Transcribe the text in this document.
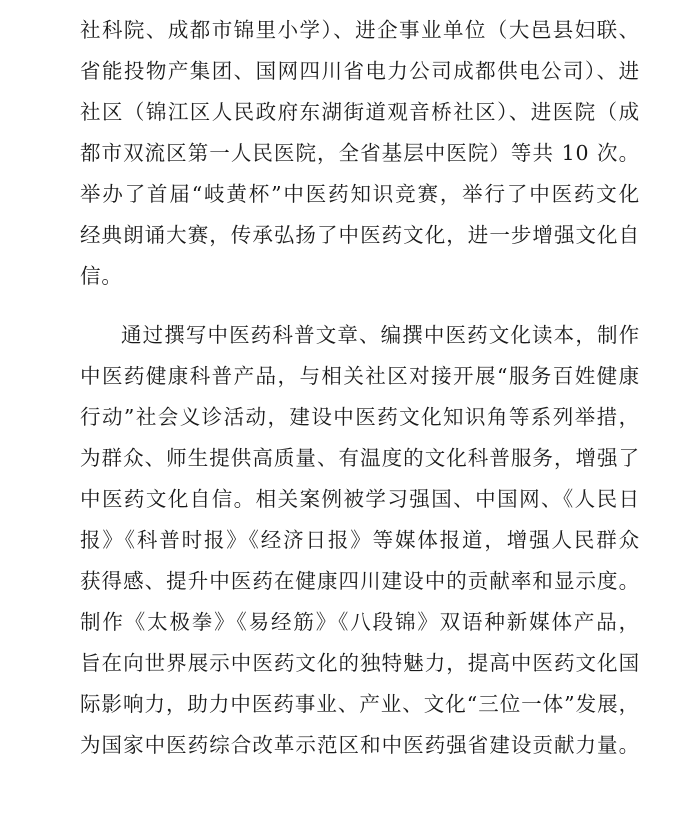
社科院、成都市锦里小学）、进企事业单位（大邑县妇联、
省能投物产集团、国网四川省电力公司成都供电公司）、进
社区（锦江区人民政府东湖街道观音桥社区）、进医院（成
都市双流区第一人民医院，全省基层中医院）等共 10 次。
举办了首届“岐黄杯”中医药知识竞赛，举行了中医药文化
经典朗诵大赛，传承弘扬了中医药文化，进一步增强文化自
信。
通过撰写中医药科普文章、编撰中医药文化读本，制作
中医药健康科普产品，与相关社区对接开展“服务百姓健康
行动”社会义诊活动，建设中医药文化知识角等系列举措，
为群众、师生提供高质量、有温度的文化科普服务，增强了
中医药文化自信。相关案例被学习强国、中国网、《人民日
报》《科普时报》《经济日报》等媒体报道，增强人民群众
获得感、提升中医药在健康四川建设中的贡献率和显示度。
制作《太极拳》《易经筋》《八段锦》双语种新媒体产品，
旨在向世界展示中医药文化的独特魅力，提高中医药文化国
际影响力，助力中医药事业、产业、文化“三位一体”发展，
为国家中医药综合改革示范区和中医药强省建设贡献力量。
